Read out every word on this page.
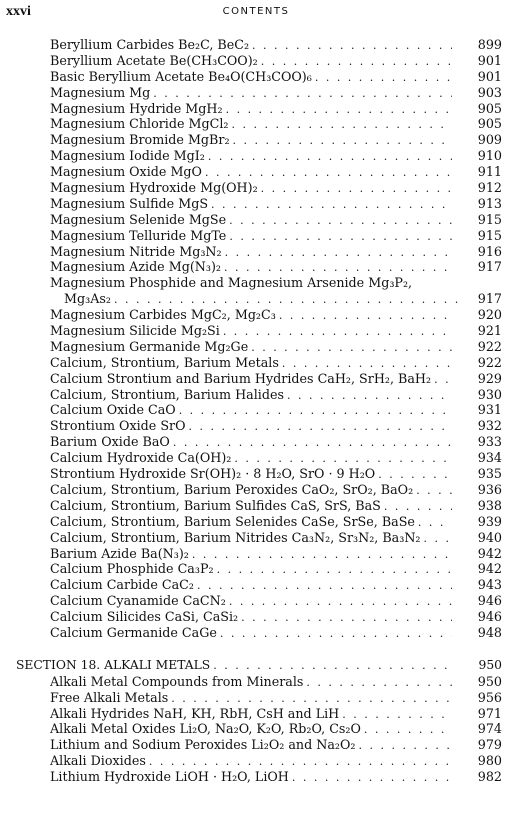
xxvi	CONTENTS
Beryllium Carbides Be₂C, BeC₂ . . .	899
Beryllium Acetate Be(CH₃COO)₂ . . .	901
Basic Beryllium Acetate Be₄O(CH₃COO)₆ . . .	901
Magnesium Mg . . .	903
Magnesium Hydride MgH₂ . . .	905
Magnesium Chloride MgCl₂ . . .	905
Magnesium Bromide MgBr₂ . . .	909
Magnesium Iodide MgI₂ . . .	910
Magnesium Oxide MgO . . .	911
Magnesium Hydroxide Mg(OH)₂ . . .	912
Magnesium Sulfide MgS . . .	913
Magnesium Selenide MgSe . . .	915
Magnesium Telluride MgTe . . .	915
Magnesium Nitride Mg₃N₂ . . .	916
Magnesium Azide Mg(N₃)₂ . . .	917
Magnesium Phosphide and Magnesium Arsenide Mg₃P₂,
Mg₃As₂ . . .	917
Magnesium Carbides MgC₂, Mg₂C₃ . . .	920
Magnesium Silicide Mg₂Si . . .	921
Magnesium Germanide Mg₂Ge . . .	922
Calcium, Strontium, Barium Metals . . .	922
Calcium Strontium and Barium Hydrides CaH₂, SrH₂, BaH₂ . . .	929
Calcium, Strontium, Barium Halides . . .	930
Calcium Oxide CaO . . .	931
Strontium Oxide SrO . . .	932
Barium Oxide BaO . . .	933
Calcium Hydroxide Ca(OH)₂ . . .	934
Strontium Hydroxide Sr(OH)₂ · 8 H₂O, SrO · 9 H₂O . . .	935
Calcium, Strontium, Barium Peroxides CaO₂, SrO₂, BaO₂ . . .	936
Calcium, Strontium, Barium Sulfides CaS, SrS, BaS . . .	938
Calcium, Strontium, Barium Selenides CaSe, SrSe, BaSe . . .	939
Calcium, Strontium, Barium Nitrides Ca₃N₂, Sr₃N₂, Ba₃N₂ . . .	940
Barium Azide Ba(N₃)₂ . . .	942
Calcium Phosphide Ca₃P₂ . . .	942
Calcium Carbide CaC₂ . . .	943
Calcium Cyanamide CaCN₂ . . .	946
Calcium Silicides CaSi, CaSi₂ . . .	946
Calcium Germanide CaGe . . .	948
SECTION 18. ALKALI METALS . . .	950
Alkali Metal Compounds from Minerals . . .	950
Free Alkali Metals . . .	956
Alkali Hydrides NaH, KH, RbH, CsH and LiH . . .	971
Alkali Metal Oxides Li₂O, Na₂O, K₂O, Rb₂O, Cs₂O . . .	974
Lithium and Sodium Peroxides Li₂O₂ and Na₂O₂ . . .	979
Alkali Dioxides . . .	980
Lithium Hydroxide LiOH · H₂O, LiOH . . .	982
